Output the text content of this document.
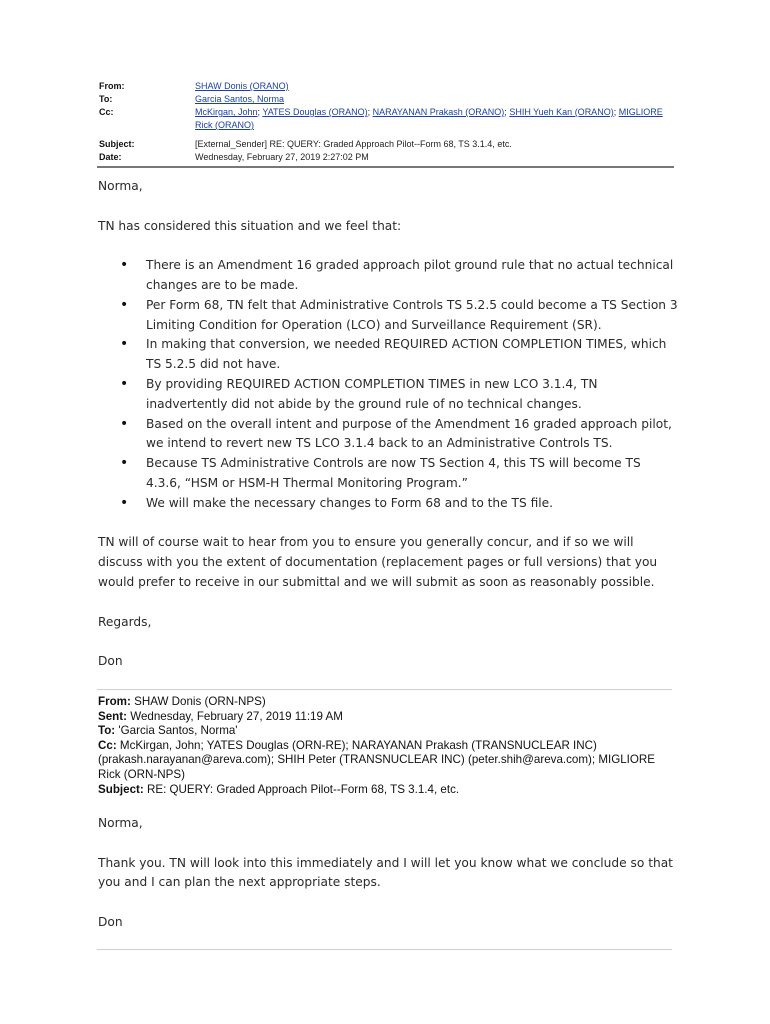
From:	SHAW Donis (ORANO)
To:	Garcia Santos, Norma
Cc:	McKirgan, John; YATES Douglas (ORANO); NARAYANAN Prakash (ORANO); SHIH Yueh Kan (ORANO); MIGLIORE
Rick (ORANO)
Subject:	[External_Sender] RE: QUERY: Graded Approach Pilot--Form 68, TS 3.1.4, etc.
Date:	Wednesday, February 27, 2019 2:27:02 PM

Norma,

TN has considered this situation and we feel that:

• There is an Amendment 16 graded approach pilot ground rule that no actual technical changes are to be made.
• Per Form 68, TN felt that Administrative Controls TS 5.2.5 could become a TS Section 3 Limiting Condition for Operation (LCO) and Surveillance Requirement (SR).
• In making that conversion, we needed REQUIRED ACTION COMPLETION TIMES, which TS 5.2.5 did not have.
• By providing REQUIRED ACTION COMPLETION TIMES in new LCO 3.1.4, TN inadvertently did not abide by the ground rule of no technical changes.
• Based on the overall intent and purpose of the Amendment 16 graded approach pilot, we intend to revert new TS LCO 3.1.4 back to an Administrative Controls TS.
• Because TS Administrative Controls are now TS Section 4, this TS will become TS 4.3.6, “HSM or HSM-H Thermal Monitoring Program.”
• We will make the necessary changes to Form 68 and to the TS file.

TN will of course wait to hear from you to ensure you generally concur, and if so we will discuss with you the extent of documentation (replacement pages or full versions) that you would prefer to receive in our submittal and we will submit as soon as reasonably possible.

Regards,

Don

From: SHAW Donis (ORN-NPS)
Sent: Wednesday, February 27, 2019 11:19 AM
To: 'Garcia Santos, Norma'
Cc: McKirgan, John; YATES Douglas (ORN-RE); NARAYANAN Prakash (TRANSNUCLEAR INC) (prakash.narayanan@areva.com); SHIH Peter (TRANSNUCLEAR INC) (peter.shih@areva.com); MIGLIORE Rick (ORN-NPS)
Subject: RE: QUERY: Graded Approach Pilot--Form 68, TS 3.1.4, etc.

Norma,

Thank you. TN will look into this immediately and I will let you know what we conclude so that you and I can plan the next appropriate steps.

Don
